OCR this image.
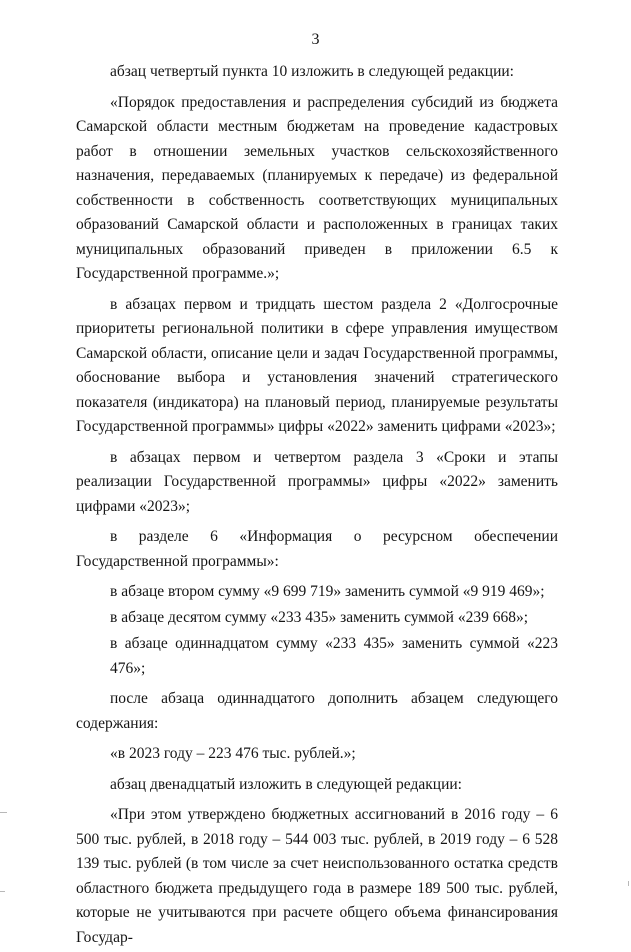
3

абзац четвертый пункта 10 изложить в следующей редакции:

«Порядок предоставления и распределения субсидий из бюджета Самарской области местным бюджетам на проведение кадастровых работ в отношении земельных участков сельскохозяйственного назначения, передаваемых (планируемых к передаче) из федеральной собственности в собственность соответствующих муниципальных образований Самарской области и расположенных в границах таких муниципальных образований приведен в приложении 6.5 к Государственной программе.»;

в абзацах первом и тридцать шестом раздела 2 «Долгосрочные приоритеты региональной политики в сфере управления имуществом Самарской области, описание цели и задач Государственной программы, обоснование выбора и установления значений стратегического показателя (индикатора) на плановый период, планируемые результаты Государственной программы» цифры «2022» заменить цифрами «2023»;

в абзацах первом и четвертом раздела 3 «Сроки и этапы реализации Государственной программы» цифры «2022» заменить цифрами «2023»;

в разделе 6 «Информация о ресурсном обеспечении Государственной программы»:

в абзаце втором сумму «9 699 719» заменить суммой «9 919 469»;

в абзаце десятом сумму «233 435» заменить суммой «239 668»;

в абзаце одиннадцатом сумму «233 435» заменить суммой «223 476»;

после абзаца одиннадцатого дополнить абзацем следующего содержания:

«в 2023 году – 223 476 тыс. рублей.»;

абзац двенадцатый изложить в следующей редакции:

«При этом утверждено бюджетных ассигнований в 2016 году – 6 500 тыс. рублей, в 2018 году – 544 003 тыс. рублей, в 2019 году – 6 528 139 тыс. рублей (в том числе за счет неиспользованного остатка средств областного бюджета предыдущего года в размере 189 500 тыс. рублей, которые не учитываются при расчете общего объема финансирования Государ-
